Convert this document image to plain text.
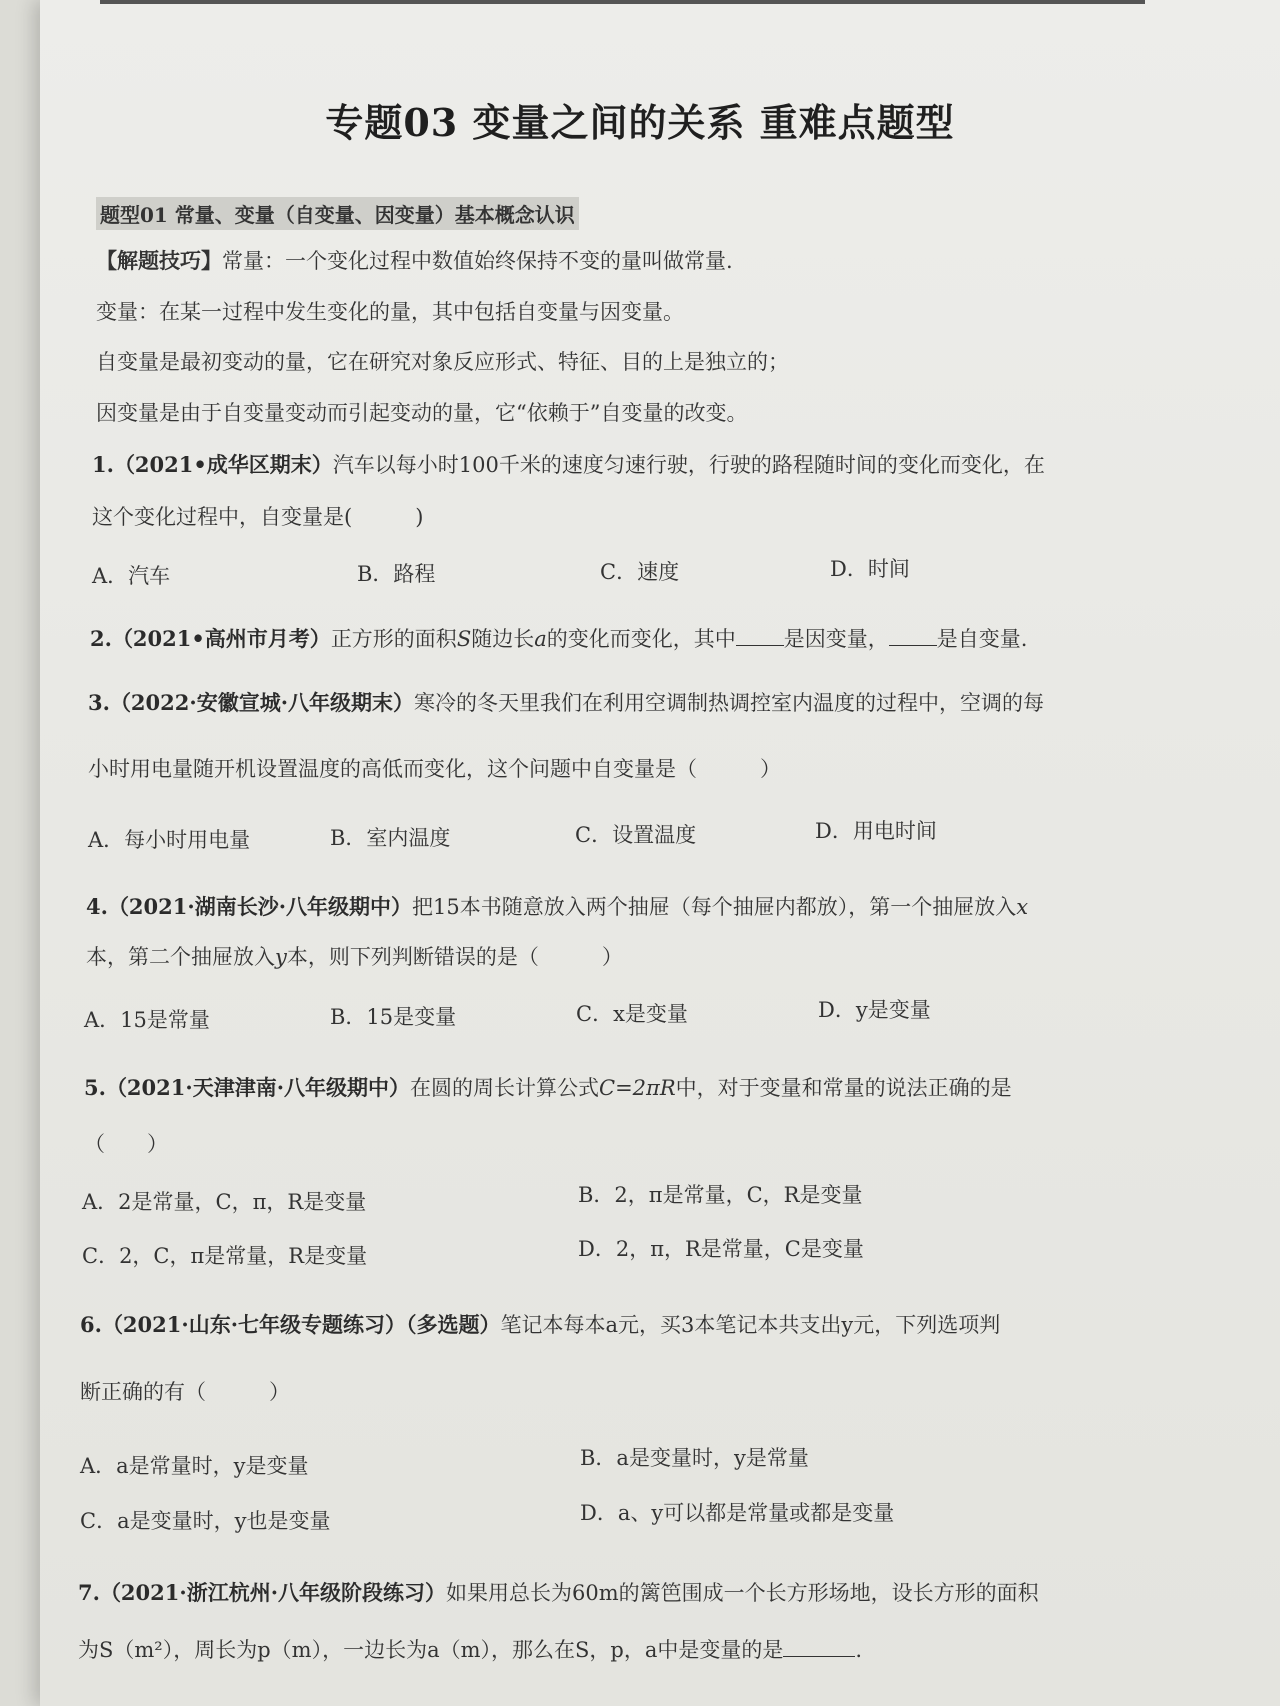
专题03 变量之间的关系 重难点题型
题型01 常量、变量（自变量、因变量）基本概念认识
【解题技巧】常量：一个变化过程中数值始终保持不变的量叫做常量.
变量：在某一过程中发生变化的量，其中包括自变量与因变量。
自变量是最初变动的量，它在研究对象反应形式、特征、目的上是独立的；
因变量是由于自变量变动而引起变动的量，它“依赖于”自变量的改变。
1.（2021•成华区期末）汽车以每小时100千米的速度匀速行驶，行驶的路程随时间的变化而变化，在
这个变化过程中，自变量是(　　　)
A．汽车	B．路程	C．速度	D．时间
2.（2021•高州市月考）正方形的面积S随边长a的变化而变化，其中 是因变量， 是自变量.
3.（2022·安徽宣城·八年级期末）寒冷的冬天里我们在利用空调制热调控室内温度的过程中，空调的每
小时用电量随开机设置温度的高低而变化，这个问题中自变量是（　　　）
A．每小时用电量	B．室内温度	C．设置温度	D．用电时间
4.（2021·湖南长沙·八年级期中）把15本书随意放入两个抽屉（每个抽屉内都放），第一个抽屉放入x
本，第二个抽屉放入y本，则下列判断错误的是（　　　）
A．15是常量	B．15是变量	C．x是变量	D．y是变量
5.（2021·天津津南·八年级期中）在圆的周长计算公式C=2πR中，对于变量和常量的说法正确的是
（　　）
A．2是常量，C，π，R是变量	B．2，π是常量，C，R是变量
C．2，C，π是常量，R是变量	D．2，π，R是常量，C是变量
6.（2021·山东·七年级专题练习）（多选题）笔记本每本a元，买3本笔记本共支出y元，下列选项判
断正确的有（　　　）
A．a是常量时，y是变量	B．a是变量时，y是常量
C．a是变量时，y也是变量	D．a、y可以都是常量或都是变量
7.（2021·浙江杭州·八年级阶段练习）如果用总长为60m的篱笆围成一个长方形场地，设长方形的面积
为S（m²），周长为p（m），一边长为a（m），那么在S，p，a中是变量的是	.
